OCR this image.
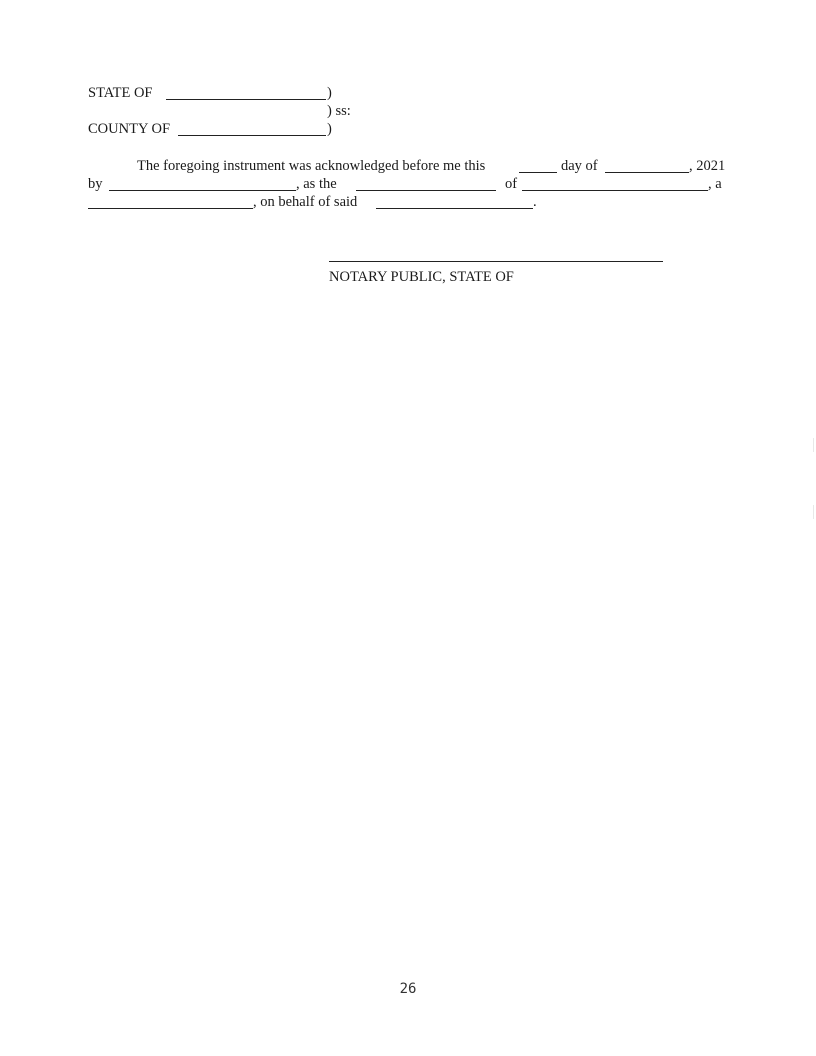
STATE OF	)
) ss:
COUNTY OF	)
The foregoing instrument was acknowledged before me this	day of	, 2021
by	, as the	of	, a
, on behalf of said	.
NOTARY PUBLIC, STATE OF
26
